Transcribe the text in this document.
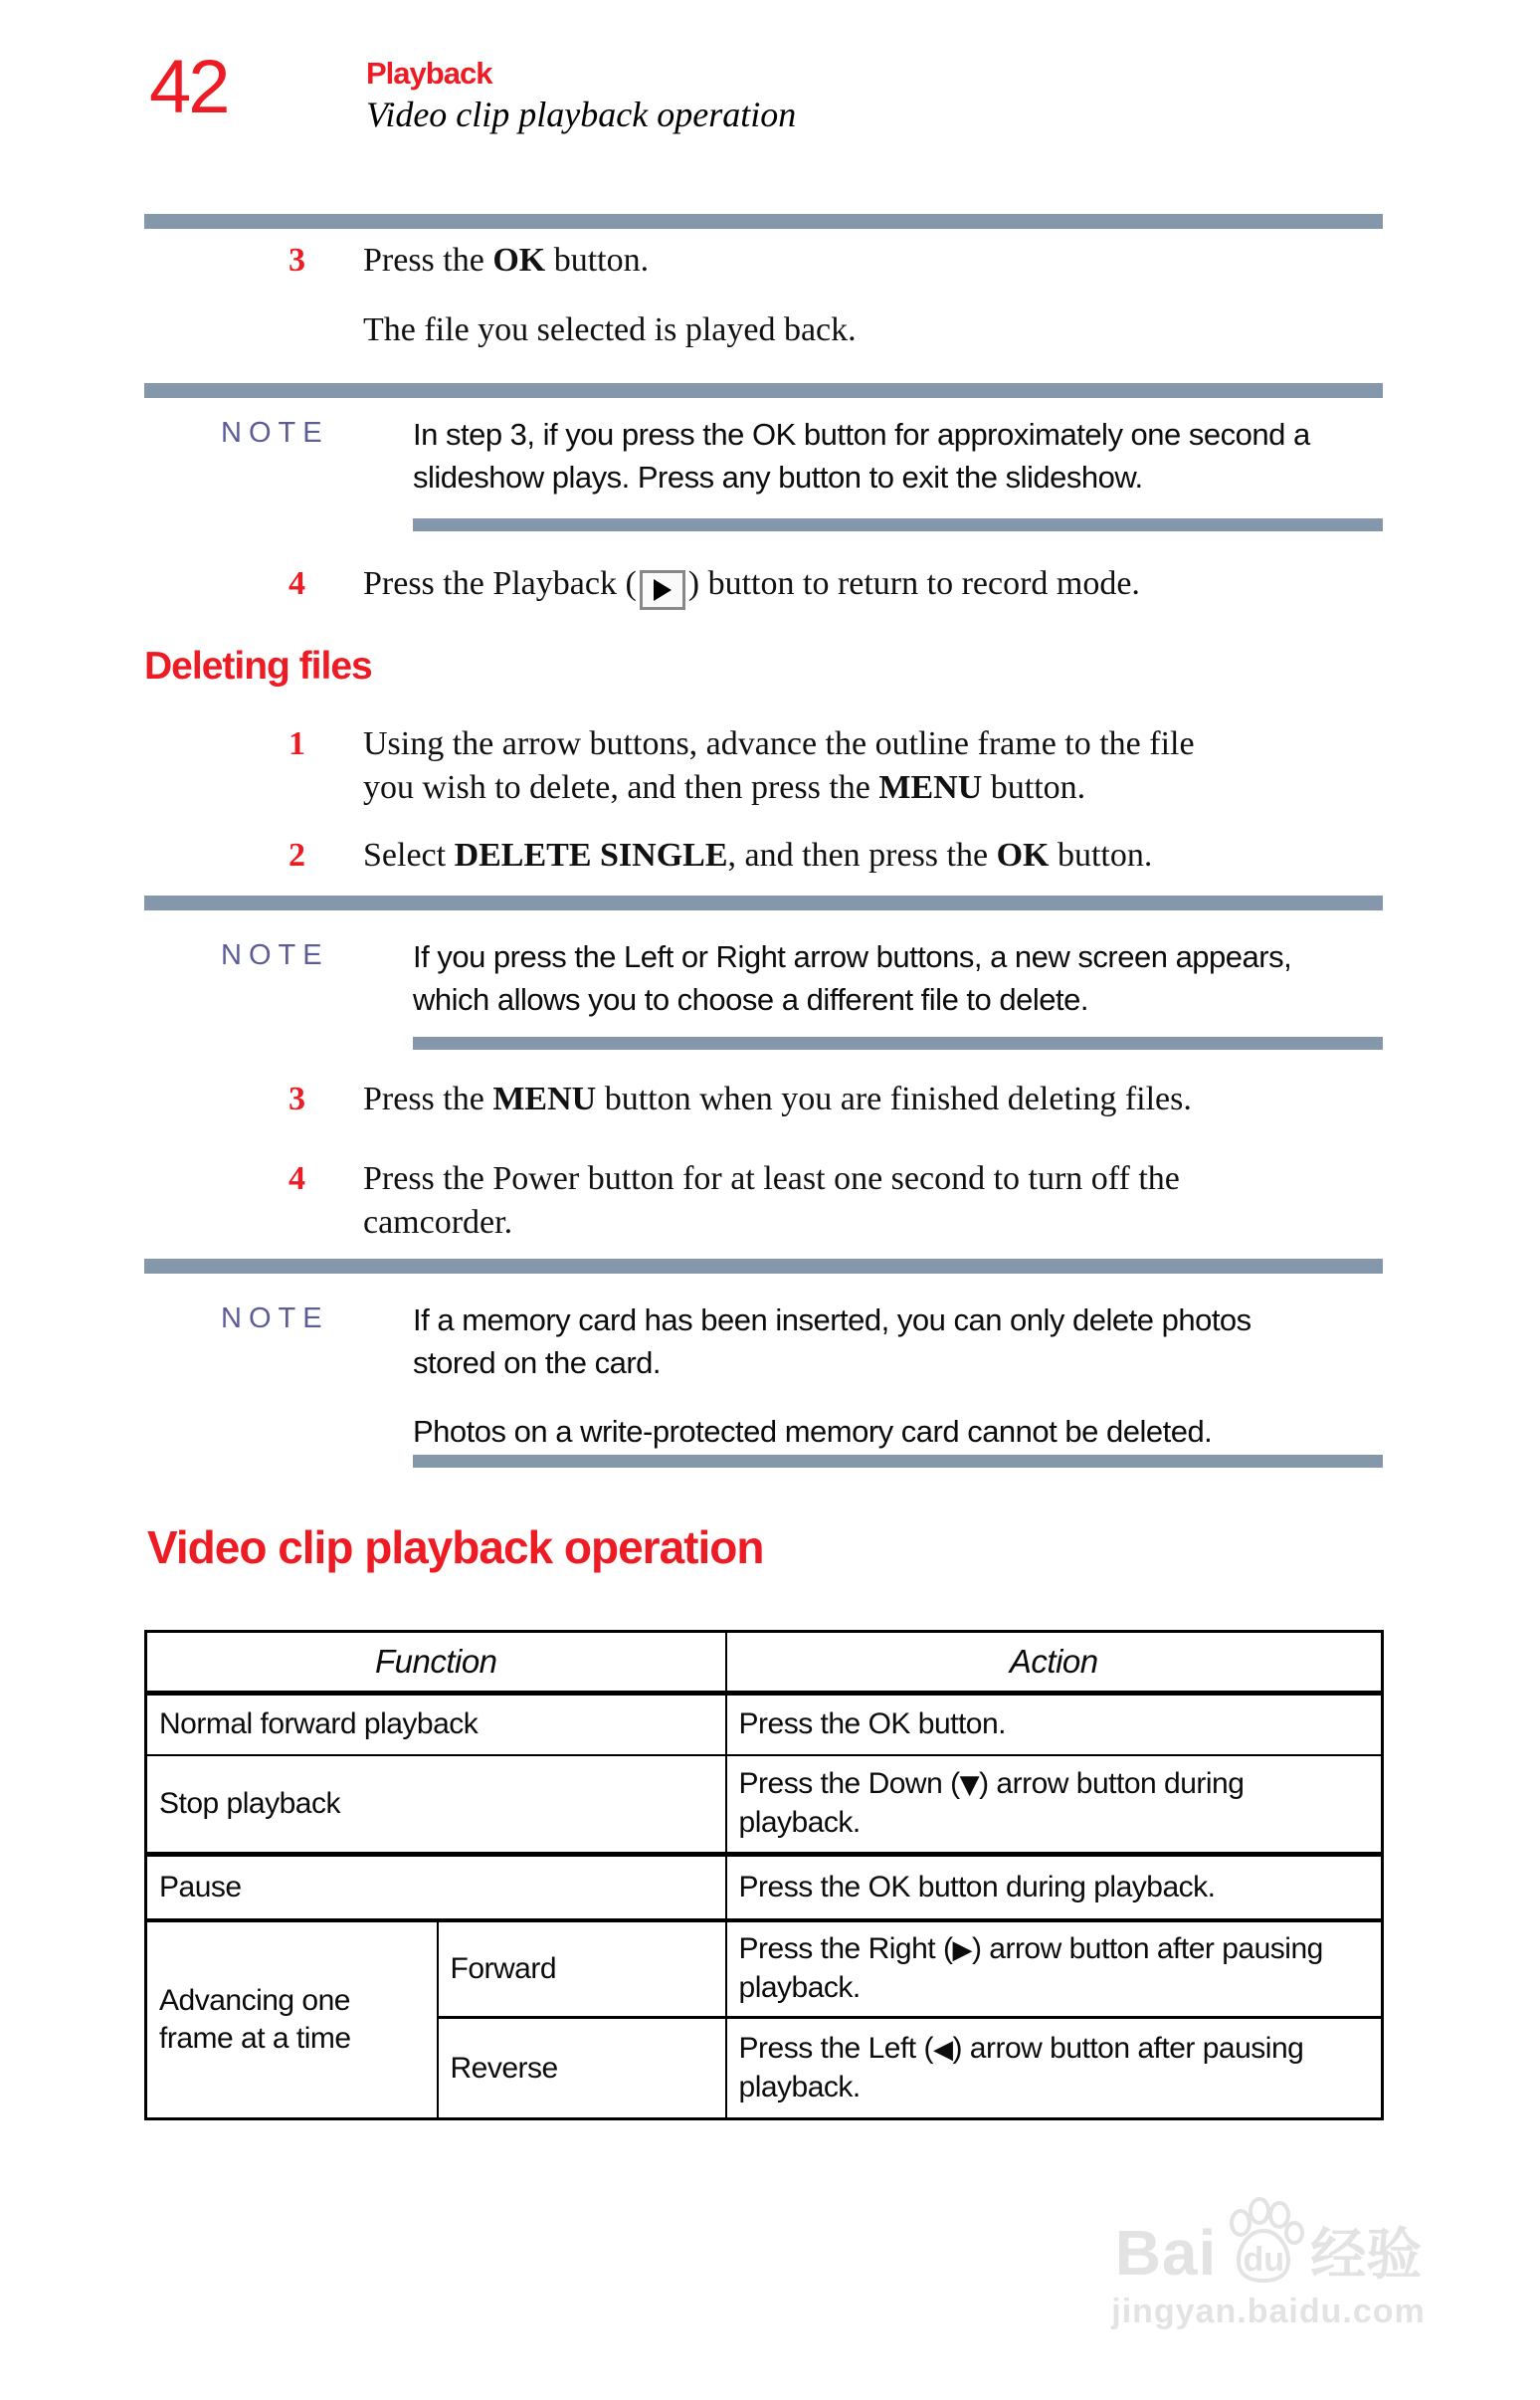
42	Playback
Video clip playback operation
3	Press the OK button.
The file you selected is played back.
NOTE	In step 3, if you press the OK button for approximately one second a
slideshow plays. Press any button to exit the slideshow.
4	Press the Playback ( ) button to return to record mode.
Deleting files
1	Using the arrow buttons, advance the outline frame to the file
you wish to delete, and then press the MENU button.
2	Select DELETE SINGLE, and then press the OK button.
NOTE	If you press the Left or Right arrow buttons, a new screen appears,
which allows you to choose a different file to delete.
3	Press the MENU button when you are finished deleting files.
4	Press the Power button for at least one second to turn off the
camcorder.
NOTE	If a memory card has been inserted, you can only delete photos
stored on the card.
Photos on a write-protected memory card cannot be deleted.
Video clip playback operation
Function		Action
Normal forward playback		Press the OK button.
Stop playback		Press the Down (▼) arrow button during playback.
Pause		Press the OK button during playback.
Advancing one frame at a time	Forward	Press the Right (▶) arrow button after pausing playback.
	Reverse	Press the Left (◀) arrow button after pausing playback.
Bai du 经验
jingyan.baidu.com
